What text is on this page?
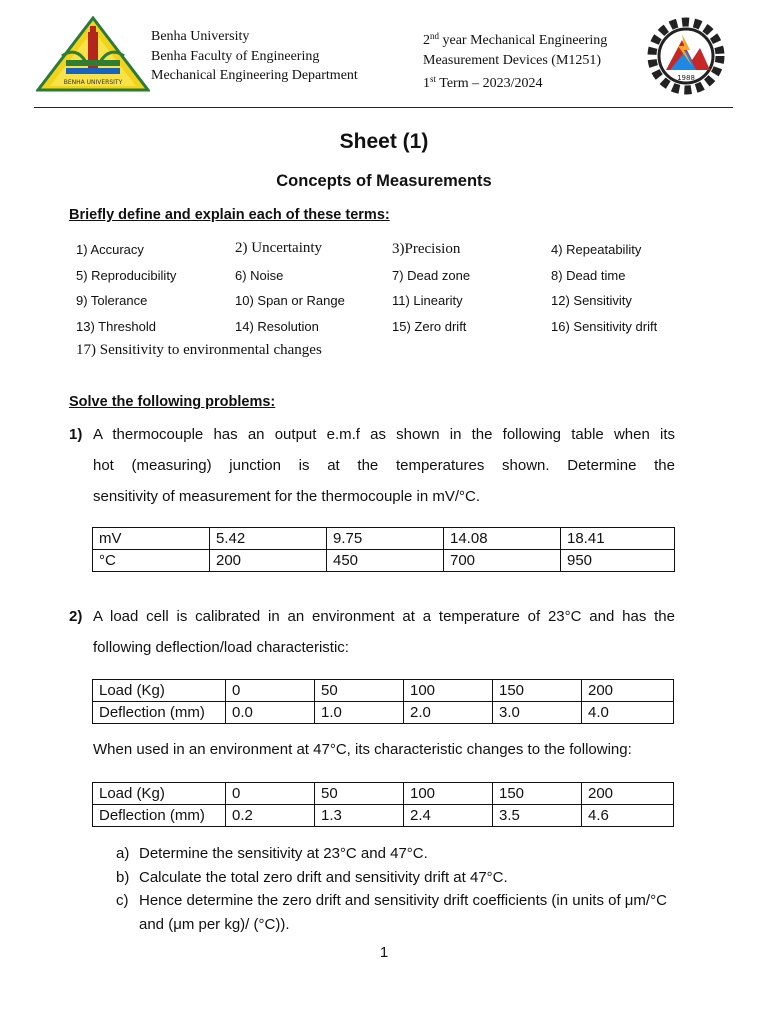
BENHA UNIVERSITY
Benha University
Benha Faculty of Engineering
Mechanical Engineering Department
2nd year Mechanical Engineering
Measurement Devices (M1251)
1st Term – 2023/2024	1988
Sheet (1)
Concepts of Measurements
Briefly define and explain each of these terms:
1) Accuracy	2) Uncertainty	3)Precision	4) Repeatability
5) Reproducibility	6) Noise	7) Dead zone	8) Dead time
9) Tolerance	10) Span or Range	11) Linearity	12) Sensitivity
13) Threshold	14) Resolution	15) Zero drift	16) Sensitivity drift
17) Sensitivity to environmental changes
Solve the following problems:
1) A thermocouple has an output e.m.f as shown in the following table when its
hot (measuring) junction is at the temperatures shown. Determine the
sensitivity of measurement for the thermocouple in mV/°C.
mV	5.42	9.75	14.08	18.41
°C	200	450	700	950
2) A load cell is calibrated in an environment at a temperature of 23°C and has the
following deflection/load characteristic:
Load (Kg)	0	50	100	150	200
Deflection (mm)	0.0	1.0	2.0	3.0	4.0
When used in an environment at 47°C, its characteristic changes to the following:
Load (Kg)	0	50	100	150	200
Deflection (mm)	0.2	1.3	2.4	3.5	4.6
a) Determine the sensitivity at 23°C and 47°C.
b) Calculate the total zero drift and sensitivity drift at 47°C.
c) Hence determine the zero drift and sensitivity drift coefficients (in units of μm/°C and (μm per kg)/ (°C)).
1
